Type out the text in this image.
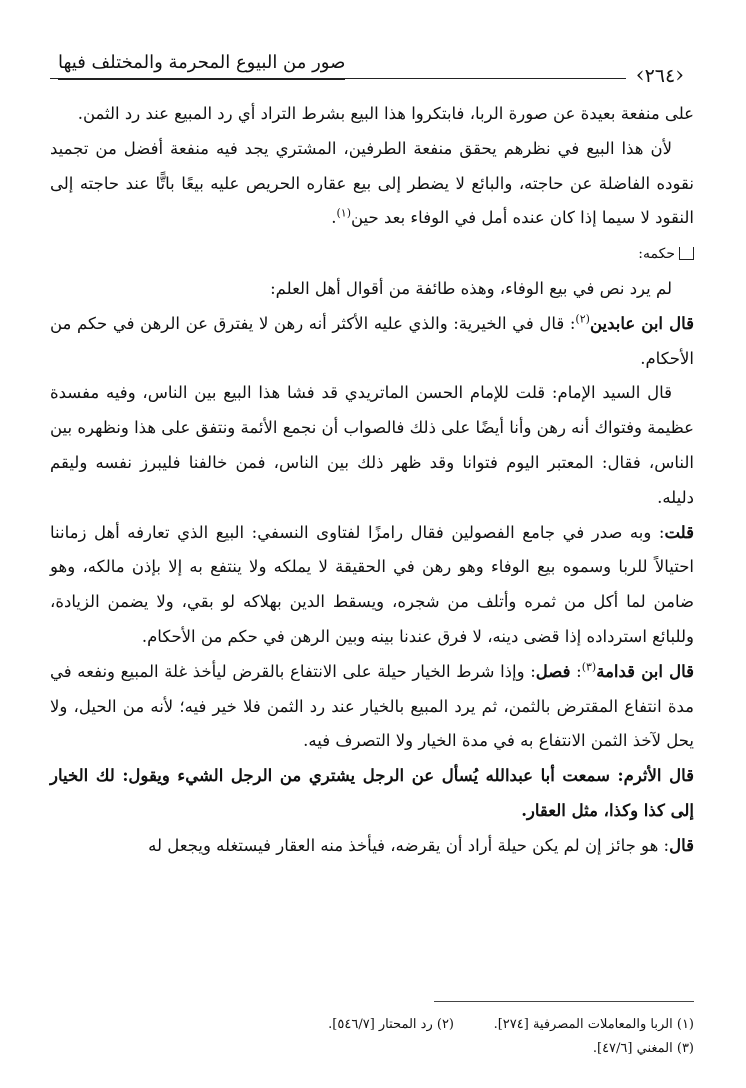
‹ ٢٦٤ ›
صور من البيوع المحرمة والمختلف فيها

على منفعة بعيدة عن صورة الربا، فابتكروا هذا البيع بشرط التراد أي رد المبيع عند رد الثمن.

لأن هذا البيع في نظرهم يحقق منفعة الطرفين، المشتري يجد فيه منفعة أفضل من تجميد نقوده الفاضلة عن حاجته، والبائع لا يضطر إلى بيع عقاره الحريص عليه بيعًا باتًّا عند حاجته إلى النقود لا سيما إذا كان عنده أمل في الوفاء بعد حين$^{(١)}$.

حكمه:

لم يرد نص في بيع الوفاء، وهذه طائفة من أقوال أهل العلم:

قال ابن عابدين$^{(٢)}$: قال في الخيرية: والذي عليه الأكثر أنه رهن لا يفترق عن الرهن في حكم من الأحكام.

قال السيد الإمام: قلت للإمام الحسن الماتريدي قد فشا هذا البيع بين الناس، وفيه مفسدة عظيمة وفتواك أنه رهن وأنا أيضًا على ذلك فالصواب أن نجمع الأئمة ونتفق على هذا ونظهره بين الناس، فقال: المعتبر اليوم فتوانا وقد ظهر ذلك بين الناس، فمن خالفنا فليبرز نفسه وليقم دليله.

قلت: وبه صدر في جامع الفصولين فقال رامزًا لفتاوى النسفي: البيع الذي تعارفه أهل زماننا احتيالاً للربا وسموه بيع الوفاء وهو رهن في الحقيقة لا يملكه ولا ينتفع به إلا بإذن مالكه، وهو ضامن لما أكل من ثمره وأتلف من شجره، ويسقط الدين بهلاكه لو بقي، ولا يضمن الزيادة، وللبائع استرداده إذا قضى دينه، لا فرق عندنا بينه وبين الرهن في حكم من الأحكام.

قال ابن قدامة$^{(٣)}$: فصل: وإذا شرط الخيار حيلة على الانتفاع بالقرض ليأخذ غلة المبيع ونفعه في مدة انتفاع المقترض بالثمن، ثم يرد المبيع بالخيار عند رد الثمن فلا خير فيه؛ لأنه من الحيل، ولا يحل لآخذ الثمن الانتفاع به في مدة الخيار ولا التصرف فيه.

قال الأثرم: سمعت أبا عبدالله يُسأل عن الرجل يشتري من الرجل الشيء ويقول: لك الخيار إلى كذا وكذا، مثل العقار.

قال: هو جائز إن لم يكن حيلة أراد أن يقرضه، فيأخذ منه العقار فيستغله ويجعل له

(١) الربا والمعاملات المصرفية [٢٧٤].
(٢) رد المحتار [٥٤٦/٧].
(٣) المغني [٤٧/٦].
